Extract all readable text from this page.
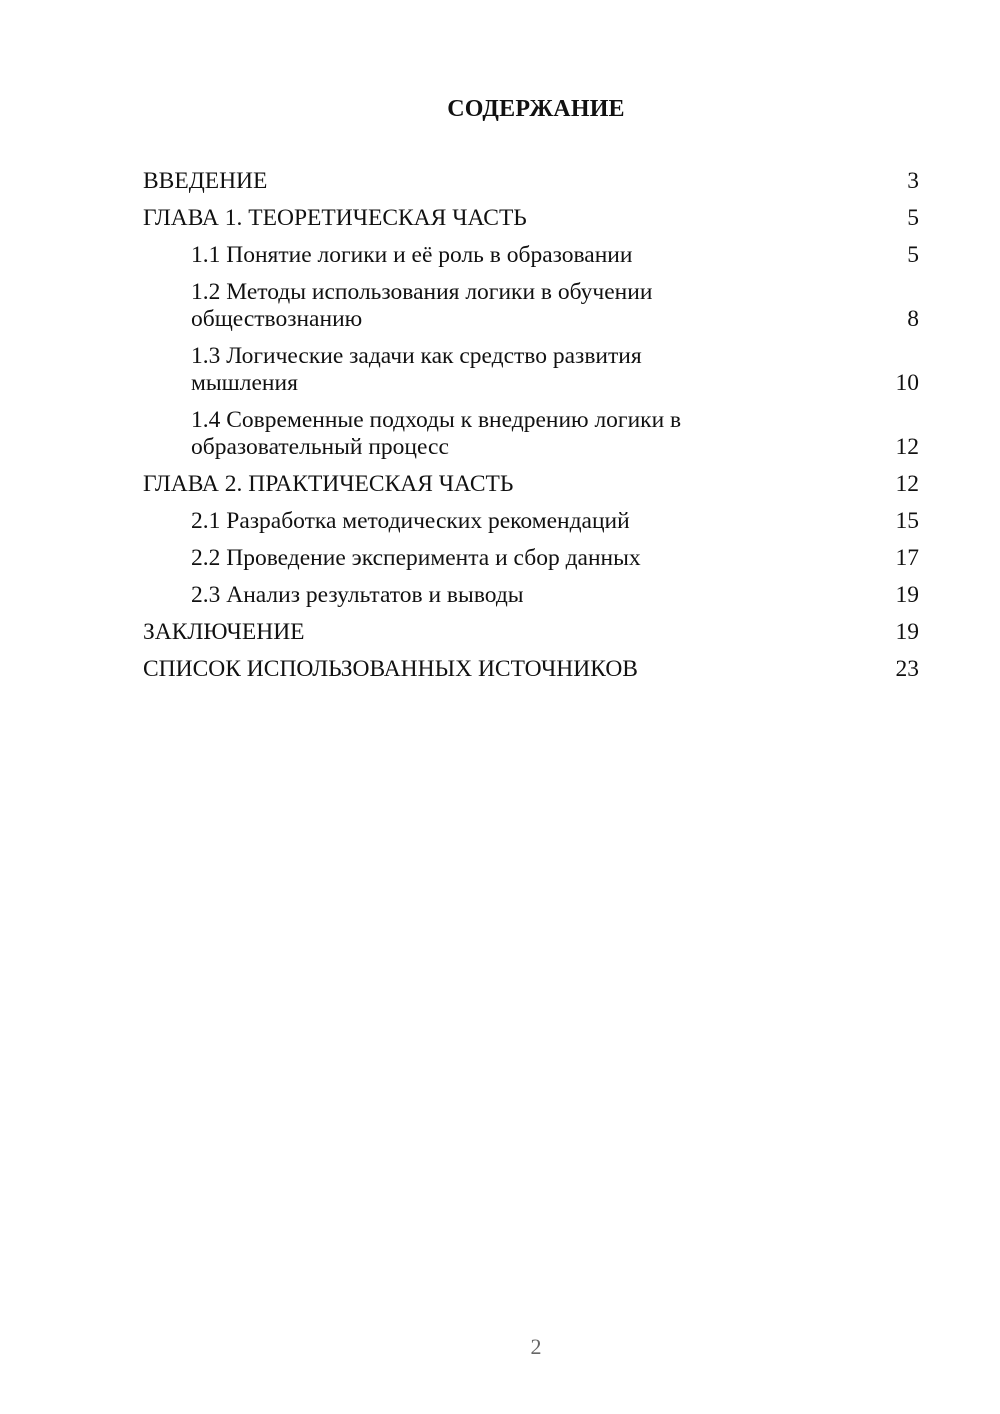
СОДЕРЖАНИЕ
ВВЕДЕНИЕ	3
ГЛАВА 1. ТЕОРЕТИЧЕСКАЯ ЧАСТЬ	5
1.1 Понятие логики и её роль в образовании	5
1.2 Методы использования логики в обучении обществознанию	8
1.3 Логические задачи как средство развития мышления	10
1.4 Современные подходы к внедрению логики в образовательный процесс	12
ГЛАВА 2. ПРАКТИЧЕСКАЯ ЧАСТЬ	12
2.1 Разработка методических рекомендаций	15
2.2 Проведение эксперимента и сбор данных	17
2.3 Анализ результатов и выводы	19
ЗАКЛЮЧЕНИЕ	19
СПИСОК ИСПОЛЬЗОВАННЫХ ИСТОЧНИКОВ	23
2
